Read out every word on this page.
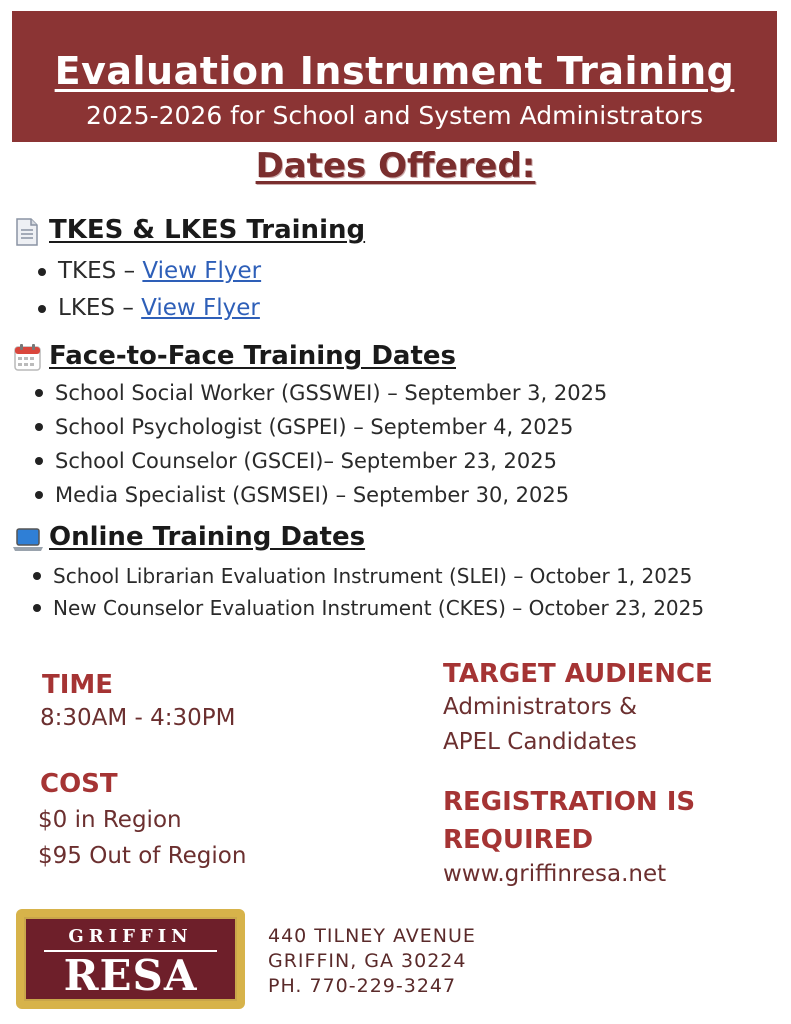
Evaluation Instrument Training
2025-2026 for School and System Administrators
Dates Offered:
TKES & LKES Training
TKES – View Flyer
LKES – View Flyer
Face-to-Face Training Dates
School Social Worker (GSSWEI) – September 3, 2025
School Psychologist (GSPEI) – September 4, 2025
School Counselor (GSCEI)– September 23, 2025
Media Specialist (GSMSEI) – September 30, 2025
Online Training Dates
School Librarian Evaluation Instrument (SLEI) – October 1, 2025
New Counselor Evaluation Instrument (CKES) – October 23, 2025
TIME
8:30AM - 4:30PM
COST
$0 in Region
$95 Out of Region
TARGET AUDIENCE
Administrators &
APEL Candidates
REGISTRATION IS
REQUIRED
www.griffinresa.net
GRIFFIN
RESA
440 TILNEY AVENUE
GRIFFIN, GA 30224
PH. 770-229-3247
